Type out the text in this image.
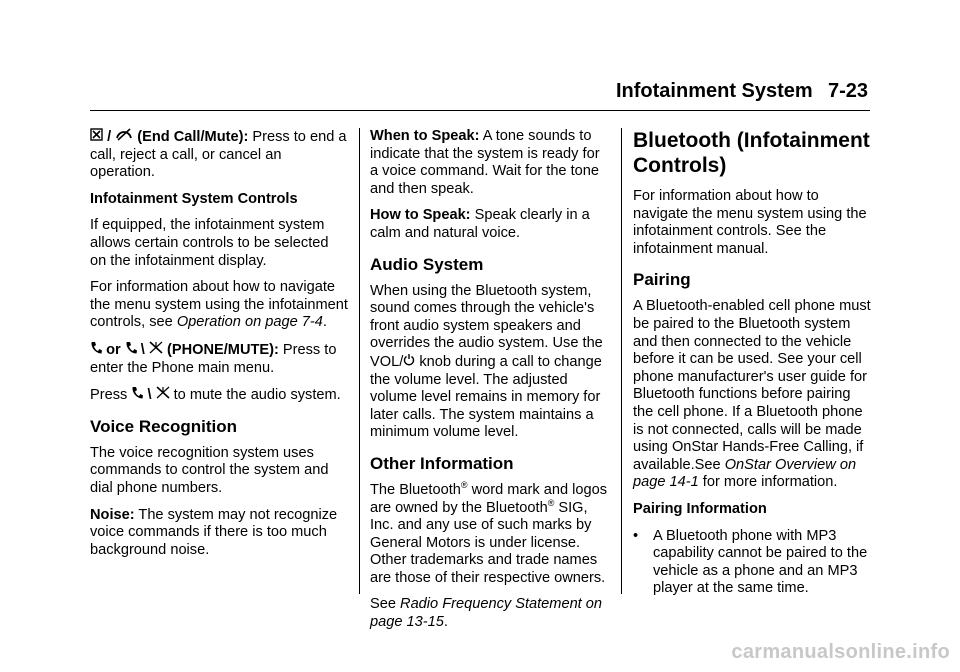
Infotainment System 7-23

/ (End Call/Mute): Press to end a call, reject a call, or cancel an operation.

Infotainment System Controls

If equipped, the infotainment system allows certain controls to be selected on the infotainment display.

For information about how to navigate the menu system using the infotainment controls, see Operation on page 7-4.

or \ (PHONE/MUTE): Press to enter the Phone main menu.

Press \ to mute the audio system.

Voice Recognition

The voice recognition system uses commands to control the system and dial phone numbers.

Noise: The system may not recognize voice commands if there is too much background noise.

When to Speak: A tone sounds to indicate that the system is ready for a voice command. Wait for the tone and then speak.

How to Speak: Speak clearly in a calm and natural voice.

Audio System

When using the Bluetooth system, sound comes through the vehicle's front audio system speakers and overrides the audio system. Use the VOL/ knob during a call to change the volume level. The adjusted volume level remains in memory for later calls. The system maintains a minimum volume level.

Other Information

The Bluetooth® word mark and logos are owned by the Bluetooth® SIG, Inc. and any use of such marks by General Motors is under license. Other trademarks and trade names are those of their respective owners.

See Radio Frequency Statement on page 13-15.

Bluetooth (Infotainment Controls)

For information about how to navigate the menu system using the infotainment controls. See the infotainment manual.

Pairing

A Bluetooth-enabled cell phone must be paired to the Bluetooth system and then connected to the vehicle before it can be used. See your cell phone manufacturer's user guide for Bluetooth functions before pairing the cell phone. If a Bluetooth phone is not connected, calls will be made using OnStar Hands-Free Calling, if available.See OnStar Overview on page 14-1 for more information.

Pairing Information

•	A Bluetooth phone with MP3 capability cannot be paired to the vehicle as a phone and an MP3 player at the same time.
carmanualsonline.info
